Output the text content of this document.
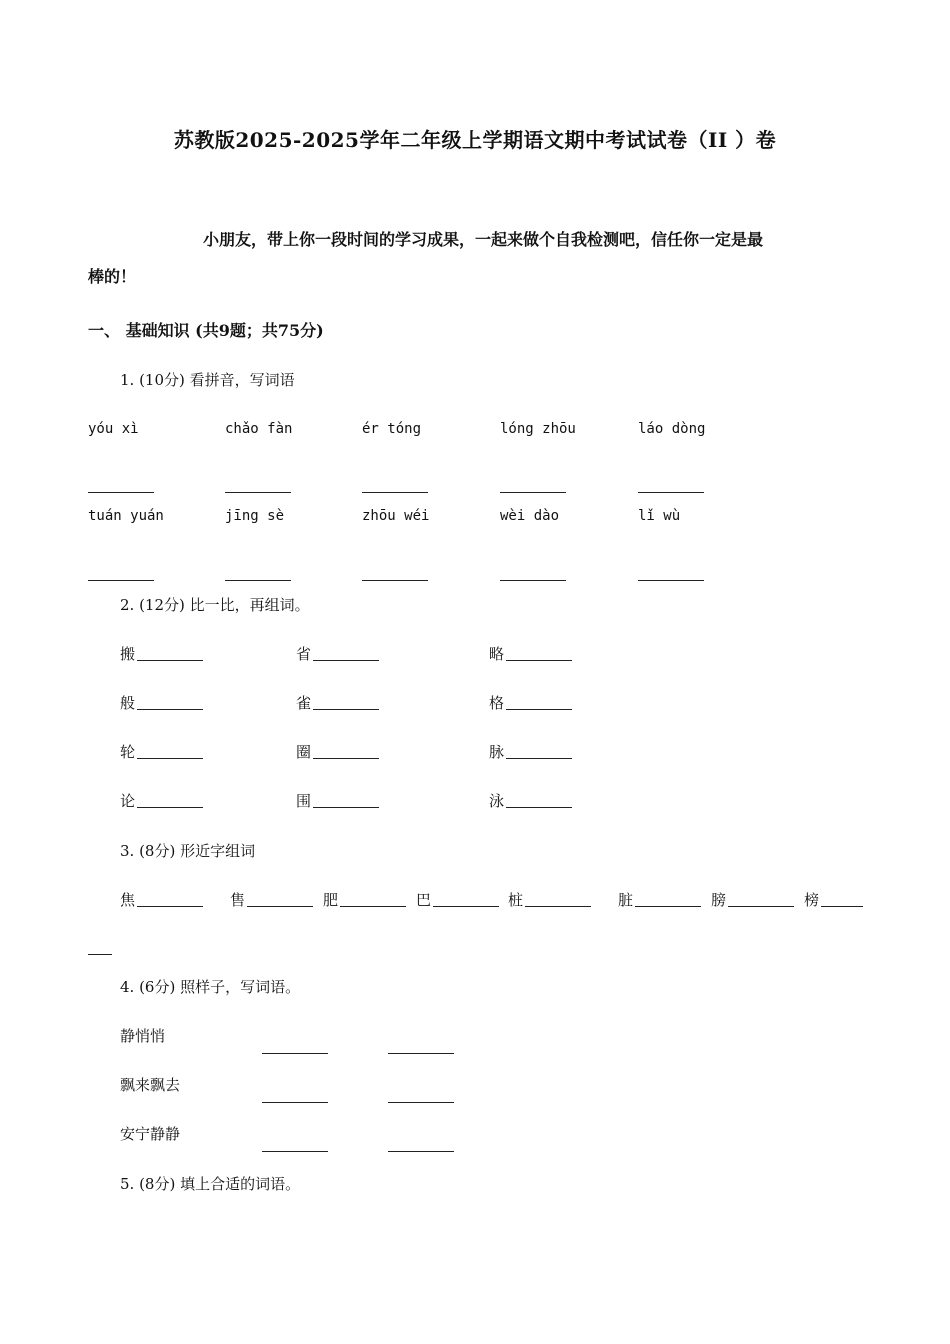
苏教版2025-2025学年二年级上学期语文期中考试试卷（II ）卷
小朋友，带上你一段时间的学习成果，一起来做个自我检测吧，信任你一定是最
棒的！
一、 基础知识 (共9题；共75分)
1. (10分) 看拼音，写词语
yóu xì	chǎo fàn	ér tóng	lóng zhōu	láo dòng
tuán yuán	jīng sè	zhōu wéi	wèi dào	lǐ wù
2. (12分) 比一比，再组词。
搬	省	略
般	雀	格
轮	圈	脉
论	围	泳
3. (8分) 形近字组词
焦	售	肥	巴	桩	脏	膀	榜
4. (6分) 照样子，写词语。
静悄悄
飘来飘去
安宁静静
5. (8分) 填上合适的词语。
